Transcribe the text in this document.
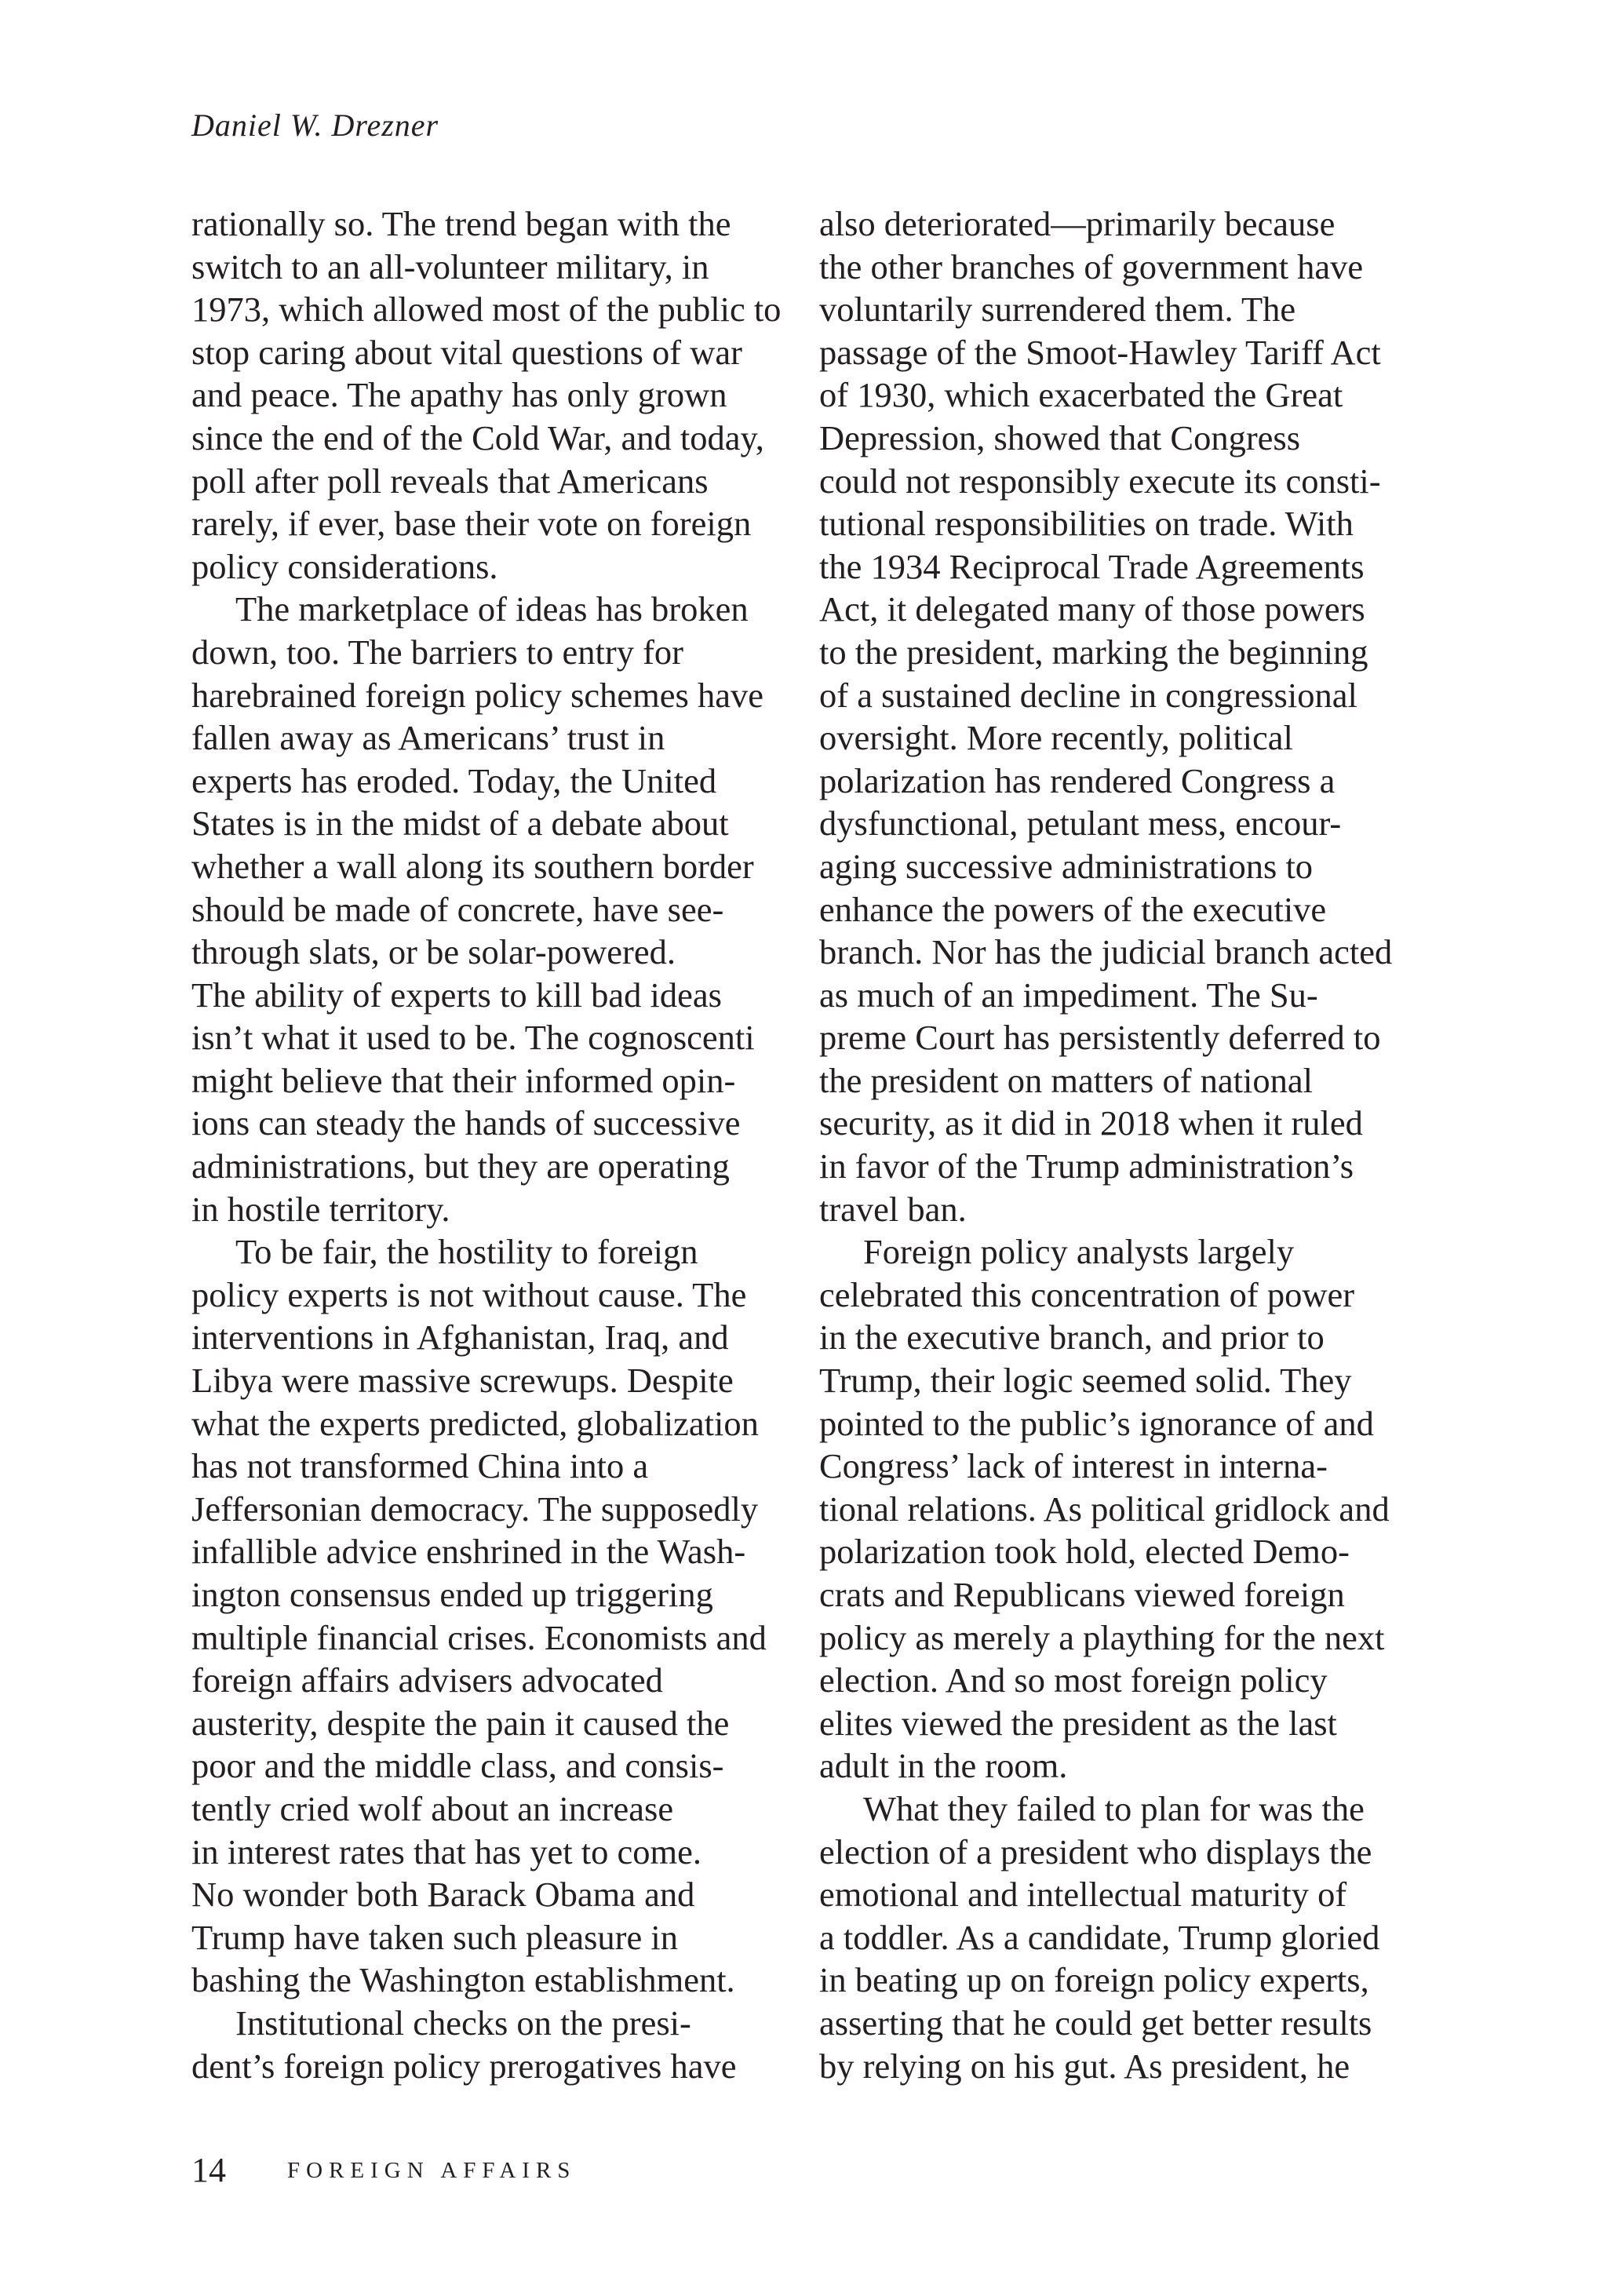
Daniel W. Drezner
rationally so. The trend began with the
switch to an all-volunteer military, in
1973, which allowed most of the public to
stop caring about vital questions of war
and peace. The apathy has only grown
since the end of the Cold War, and today,
poll after poll reveals that Americans
rarely, if ever, base their vote on foreign
policy considerations.
The marketplace of ideas has broken
down, too. The barriers to entry for
harebrained foreign policy schemes have
fallen away as Americans’ trust in
experts has eroded. Today, the United
States is in the midst of a debate about
whether a wall along its southern border
should be made of concrete, have see-
through slats, or be solar-powered.
The ability of experts to kill bad ideas
isn’t what it used to be. The cognoscenti
might believe that their informed opin-
ions can steady the hands of successive
administrations, but they are operating
in hostile territory.
To be fair, the hostility to foreign
policy experts is not without cause. The
interventions in Afghanistan, Iraq, and
Libya were massive screwups. Despite
what the experts predicted, globalization
has not transformed China into a
Jeffersonian democracy. The supposedly
infallible advice enshrined in the Wash-
ington consensus ended up triggering
multiple financial crises. Economists and
foreign affairs advisers advocated
austerity, despite the pain it caused the
poor and the middle class, and consis-
tently cried wolf about an increase
in interest rates that has yet to come.
No wonder both Barack Obama and
Trump have taken such pleasure in
bashing the Washington establishment.
Institutional checks on the presi-
dent’s foreign policy prerogatives have
also deteriorated—primarily because
the other branches of government have
voluntarily surrendered them. The
passage of the Smoot-Hawley Tariff Act
of 1930, which exacerbated the Great
Depression, showed that Congress
could not responsibly execute its consti-
tutional responsibilities on trade. With
the 1934 Reciprocal Trade Agreements
Act, it delegated many of those powers
to the president, marking the beginning
of a sustained decline in congressional
oversight. More recently, political
polarization has rendered Congress a
dysfunctional, petulant mess, encour-
aging successive administrations to
enhance the powers of the executive
branch. Nor has the judicial branch acted
as much of an impediment. The Su-
preme Court has persistently deferred to
the president on matters of national
security, as it did in 2018 when it ruled
in favor of the Trump administration’s
travel ban.
Foreign policy analysts largely
celebrated this concentration of power
in the executive branch, and prior to
Trump, their logic seemed solid. They
pointed to the public’s ignorance of and
Congress’ lack of interest in interna-
tional relations. As political gridlock and
polarization took hold, elected Demo-
crats and Republicans viewed foreign
policy as merely a plaything for the next
election. And so most foreign policy
elites viewed the president as the last
adult in the room.
What they failed to plan for was the
election of a president who displays the
emotional and intellectual maturity of
a toddler. As a candidate, Trump gloried
in beating up on foreign policy experts,
asserting that he could get better results
by relying on his gut. As president, he
14	FOREIGN AFFAIRS
